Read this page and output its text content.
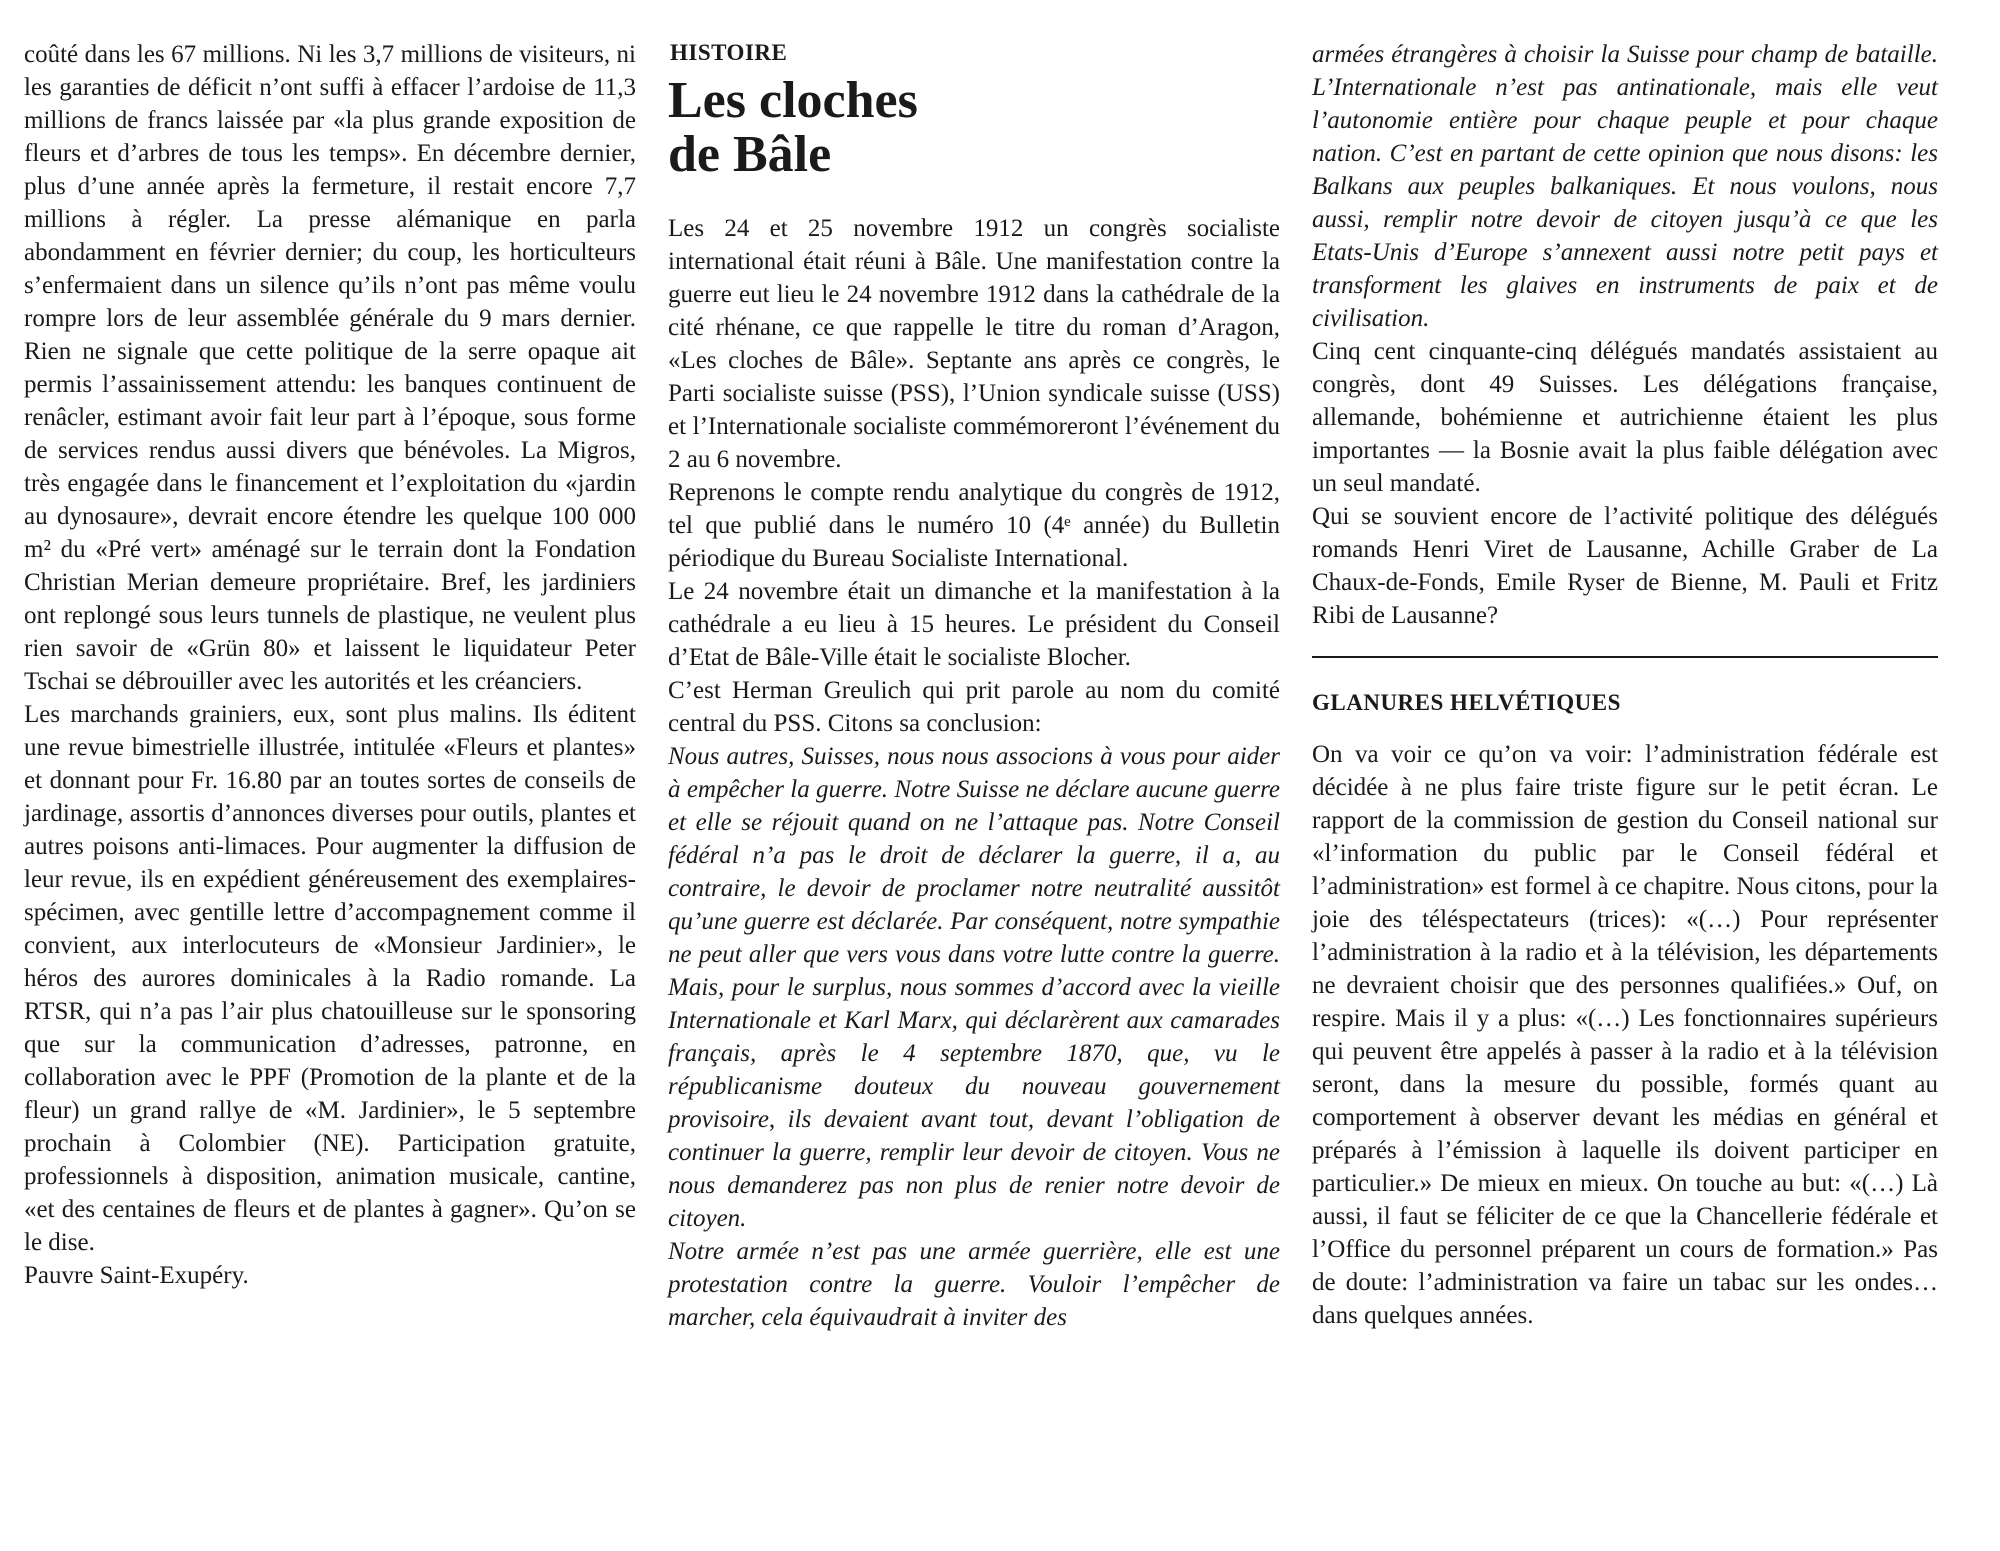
coûté dans les 67 millions. Ni les 3,7 millions de visiteurs, ni les garanties de déficit n’ont suffi à effacer l’ardoise de 11,3 millions de francs laissée par «la plus grande exposition de fleurs et d’arbres de tous les temps». En décembre dernier, plus d’une année après la fermeture, il restait encore 7,7 millions à régler. La presse alémanique en parla abondamment en février dernier; du coup, les horticulteurs s’enfermaient dans un silence qu’ils n’ont pas même voulu rompre lors de leur assemblée générale du 9 mars dernier. Rien ne signale que cette politique de la serre opaque ait permis l’assainissement attendu: les banques continuent de renâcler, estimant avoir fait leur part à l’époque, sous forme de services rendus aussi divers que bénévoles. La Migros, très engagée dans le financement et l’exploitation du «jardin au dynosaure», devrait encore étendre les quelque 100 000 m² du «Pré vert» aménagé sur le terrain dont la Fondation Christian Merian demeure propriétaire. Bref, les jardiniers ont replongé sous leurs tunnels de plastique, ne veulent plus rien savoir de «Grün 80» et laissent le liquidateur Peter Tschai se débrouiller avec les autorités et les créanciers.

Les marchands grainiers, eux, sont plus malins. Ils éditent une revue bimestrielle illustrée, intitulée «Fleurs et plantes» et donnant pour Fr. 16.80 par an toutes sortes de conseils de jardinage, assortis d’annonces diverses pour outils, plantes et autres poisons anti-limaces. Pour augmenter la diffusion de leur revue, ils en expédient généreusement des exemplaires-spécimen, avec gentille lettre d’accompagnement comme il convient, aux interlocuteurs de «Monsieur Jardinier», le héros des aurores dominicales à la Radio romande. La RTSR, qui n’a pas l’air plus chatouilleuse sur le sponsoring que sur la communication d’adresses, patronne, en collaboration avec le PPF (Promotion de la plante et de la fleur) un grand rallye de «M. Jardinier», le 5 septembre prochain à Colombier (NE). Participation gratuite, professionnels à disposition, animation musicale, cantine, «et des centaines de fleurs et de plantes à gagner». Qu’on se le dise.

Pauvre Saint-Exupéry.

HISTOIRE
Les cloches
de Bâle

Les 24 et 25 novembre 1912 un congrès socialiste international était réuni à Bâle. Une manifestation contre la guerre eut lieu le 24 novembre 1912 dans la cathédrale de la cité rhénane, ce que rappelle le titre du roman d’Aragon, «Les cloches de Bâle». Septante ans après ce congrès, le Parti socialiste suisse (PSS), l’Union syndicale suisse (USS) et l’Internationale socialiste commémoreront l’événement du 2 au 6 novembre.

Reprenons le compte rendu analytique du congrès de 1912, tel que publié dans le numéro 10 (4ᵉ année) du Bulletin périodique du Bureau Socialiste International.

Le 24 novembre était un dimanche et la manifestation à la cathédrale a eu lieu à 15 heures. Le président du Conseil d’Etat de Bâle-Ville était le socialiste Blocher.

C’est Herman Greulich qui prit parole au nom du comité central du PSS. Citons sa conclusion:

Nous autres, Suisses, nous nous associons à vous pour aider à empêcher la guerre. Notre Suisse ne déclare aucune guerre et elle se réjouit quand on ne l’attaque pas. Notre Conseil fédéral n’a pas le droit de déclarer la guerre, il a, au contraire, le devoir de proclamer notre neutralité aussitôt qu’une guerre est déclarée. Par conséquent, notre sympathie ne peut aller que vers vous dans votre lutte contre la guerre. Mais, pour le surplus, nous sommes d’accord avec la vieille Internationale et Karl Marx, qui déclarèrent aux camarades français, après le 4 septembre 1870, que, vu le républicanisme douteux du nouveau gouvernement provisoire, ils devaient avant tout, devant l’obligation de continuer la guerre, remplir leur devoir de citoyen. Vous ne nous demanderez pas non plus de renier notre devoir de citoyen.

Notre armée n’est pas une armée guerrière, elle est une protestation contre la guerre. Vouloir l’empêcher de marcher, cela équivaudrait à inviter des

armées étrangères à choisir la Suisse pour champ de bataille. L’Internationale n’est pas antinationale, mais elle veut l’autonomie entière pour chaque peuple et pour chaque nation. C’est en partant de cette opinion que nous disons: les Balkans aux peuples balkaniques. Et nous voulons, nous aussi, remplir notre devoir de citoyen jusqu’à ce que les Etats-Unis d’Europe s’annexent aussi notre petit pays et transforment les glaives en instruments de paix et de civilisation.

Cinq cent cinquante-cinq délégués mandatés assistaient au congrès, dont 49 Suisses. Les délégations française, allemande, bohémienne et autrichienne étaient les plus importantes — la Bosnie avait la plus faible délégation avec un seul mandaté.

Qui se souvient encore de l’activité politique des délégués romands Henri Viret de Lausanne, Achille Graber de La Chaux-de-Fonds, Emile Ryser de Bienne, M. Pauli et Fritz Ribi de Lausanne?

GLANURES HELVÉTIQUES

On va voir ce qu’on va voir: l’administration fédérale est décidée à ne plus faire triste figure sur le petit écran. Le rapport de la commission de gestion du Conseil national sur «l’information du public par le Conseil fédéral et l’administration» est formel à ce chapitre. Nous citons, pour la joie des téléspectateurs (trices): «(…) Pour représenter l’administration à la radio et à la télévision, les départements ne devraient choisir que des personnes qualifiées.» Ouf, on respire. Mais il y a plus: «(…) Les fonctionnaires supérieurs qui peuvent être appelés à passer à la radio et à la télévision seront, dans la mesure du possible, formés quant au comportement à observer devant les médias en général et préparés à l’émission à laquelle ils doivent participer en particulier.» De mieux en mieux. On touche au but: «(…) Là aussi, il faut se féliciter de ce que la Chancellerie fédérale et l’Office du personnel préparent un cours de formation.» Pas de doute: l’administration va faire un tabac sur les ondes… dans quelques années.
